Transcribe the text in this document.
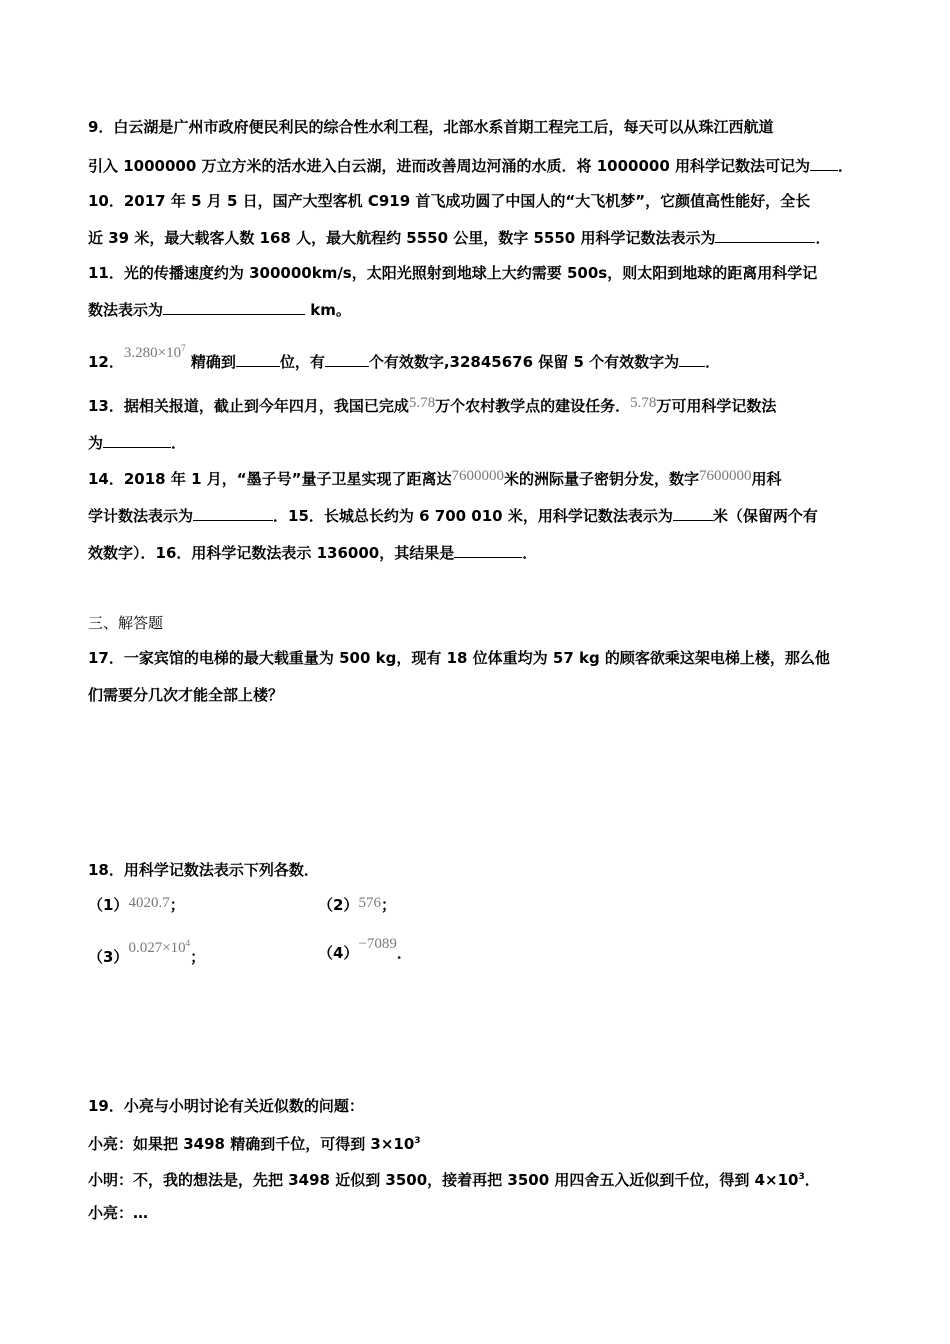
9．白云湖是广州市政府便民利民的综合性水利工程，北部水系首期工程完工后，每天可以从珠江西航道
引入 1000000 万立方米的活水进入白云湖，进而改善周边河涌的水质．将 1000000 用科学记数法可记为 ．
10．2017 年 5 月 5 日，国产大型客机 C919 首飞成功圆了中国人的“大飞机梦”，它颜值高性能好，全长
近 39 米，最大载客人数 168 人，最大航程约 5550 公里，数字 5550 用科学记数法表示为	．
11．光的传播速度约为 300000km/s，太阳光照射到地球上大约需要 500s，则太阳到地球的距离用科学记
数法表示为	km。
12．$3.280\times 10^7$ 精确到	位，有	个有效数字,32845676 保留 5 个有效数字为 ．
13．据相关报道，截止到今年四月，我国已完成5.78万个农村教学点的建设任务．5.78万可用科学记数法
为	．
14．2018 年 1 月，“墨子号”量子卫星实现了距离达7600000米的洲际量子密钥分发，数字7600000用科
学计数法表示为	．15．长城总长约为 6 700 010 米，用科学记数法表示为	米（保留两个有
效数字）．16．用科学记数法表示 136000，其结果是	．
三、解答题
17．一家宾馆的电梯的最大载重量为 500 kg，现有 18 位体重均为 57 kg 的顾客欲乘这架电梯上楼，那么他
们需要分几次才能全部上楼？
18．用科学记数法表示下列各数．
（1）4020.7；	（2）576；
$(3)0.027\times 10^4$；	（4）−7089．
19．小亮与小明讨论有关近似数的问题：
小亮：如果把 3498 精确到千位，可得到 $3\times 10^3$
小明：不，我的想法是，先把 3498 近似到 3500，接着再把 3500 用四舍五入近似到千位，得到 $4\times 10^3$．
小亮：…
